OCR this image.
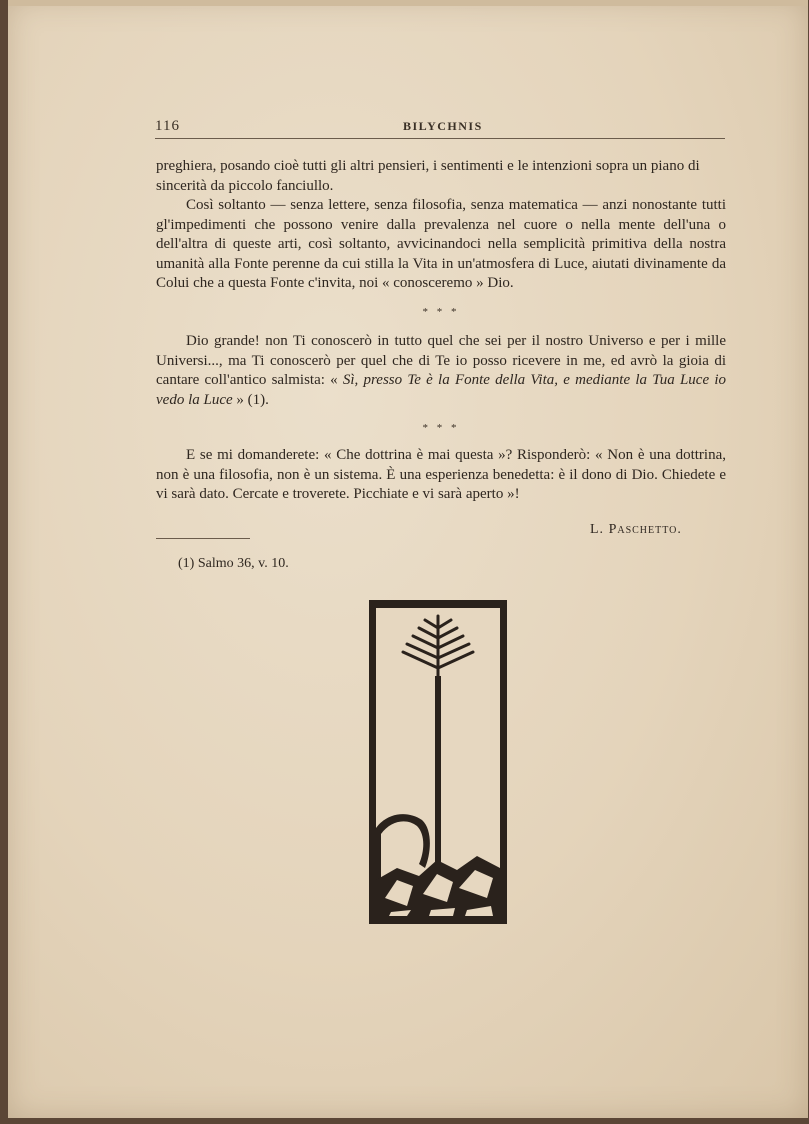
116	BILYCHNIS

preghiera, posando cioè tutti gli altri pensieri, i sentimenti e le intenzioni sopra un piano di sincerità da piccolo fanciullo.

Così soltanto — senza lettere, senza filosofia, senza matematica — anzi nonostante tutti gl'impedimenti che possono venire dalla prevalenza nel cuore o nella mente dell'una o dell'altra di queste arti, così soltanto, avvicinandoci nella semplicità primitiva della nostra umanità alla Fonte perenne da cui stilla la Vita in un'atmosfera di Luce, aiutati divinamente da Colui che a questa Fonte c'invita, noi « conosceremo » Dio.

* * *

Dio grande! non Ti conoscerò in tutto quel che sei per il nostro Universo e per i mille Universi..., ma Ti conoscerò per quel che di Te io posso ricevere in me, ed avrò la gioia di cantare coll'antico salmista: « Sì, presso Te è la Fonte della Vita, e mediante la Tua Luce io vedo la Luce » (1).

* * *

E se mi domanderete: « Che dottrina è mai questa »? Risponderò: « Non è una dottrina, non è una filosofia, non è un sistema. È una esperienza benedetta: è il dono di Dio. Chiedete e vi sarà dato. Cercate e troverete. Picchiate e vi sarà aperto »!

L. Paschetto.
(1) Salmo 36, v. 10.
